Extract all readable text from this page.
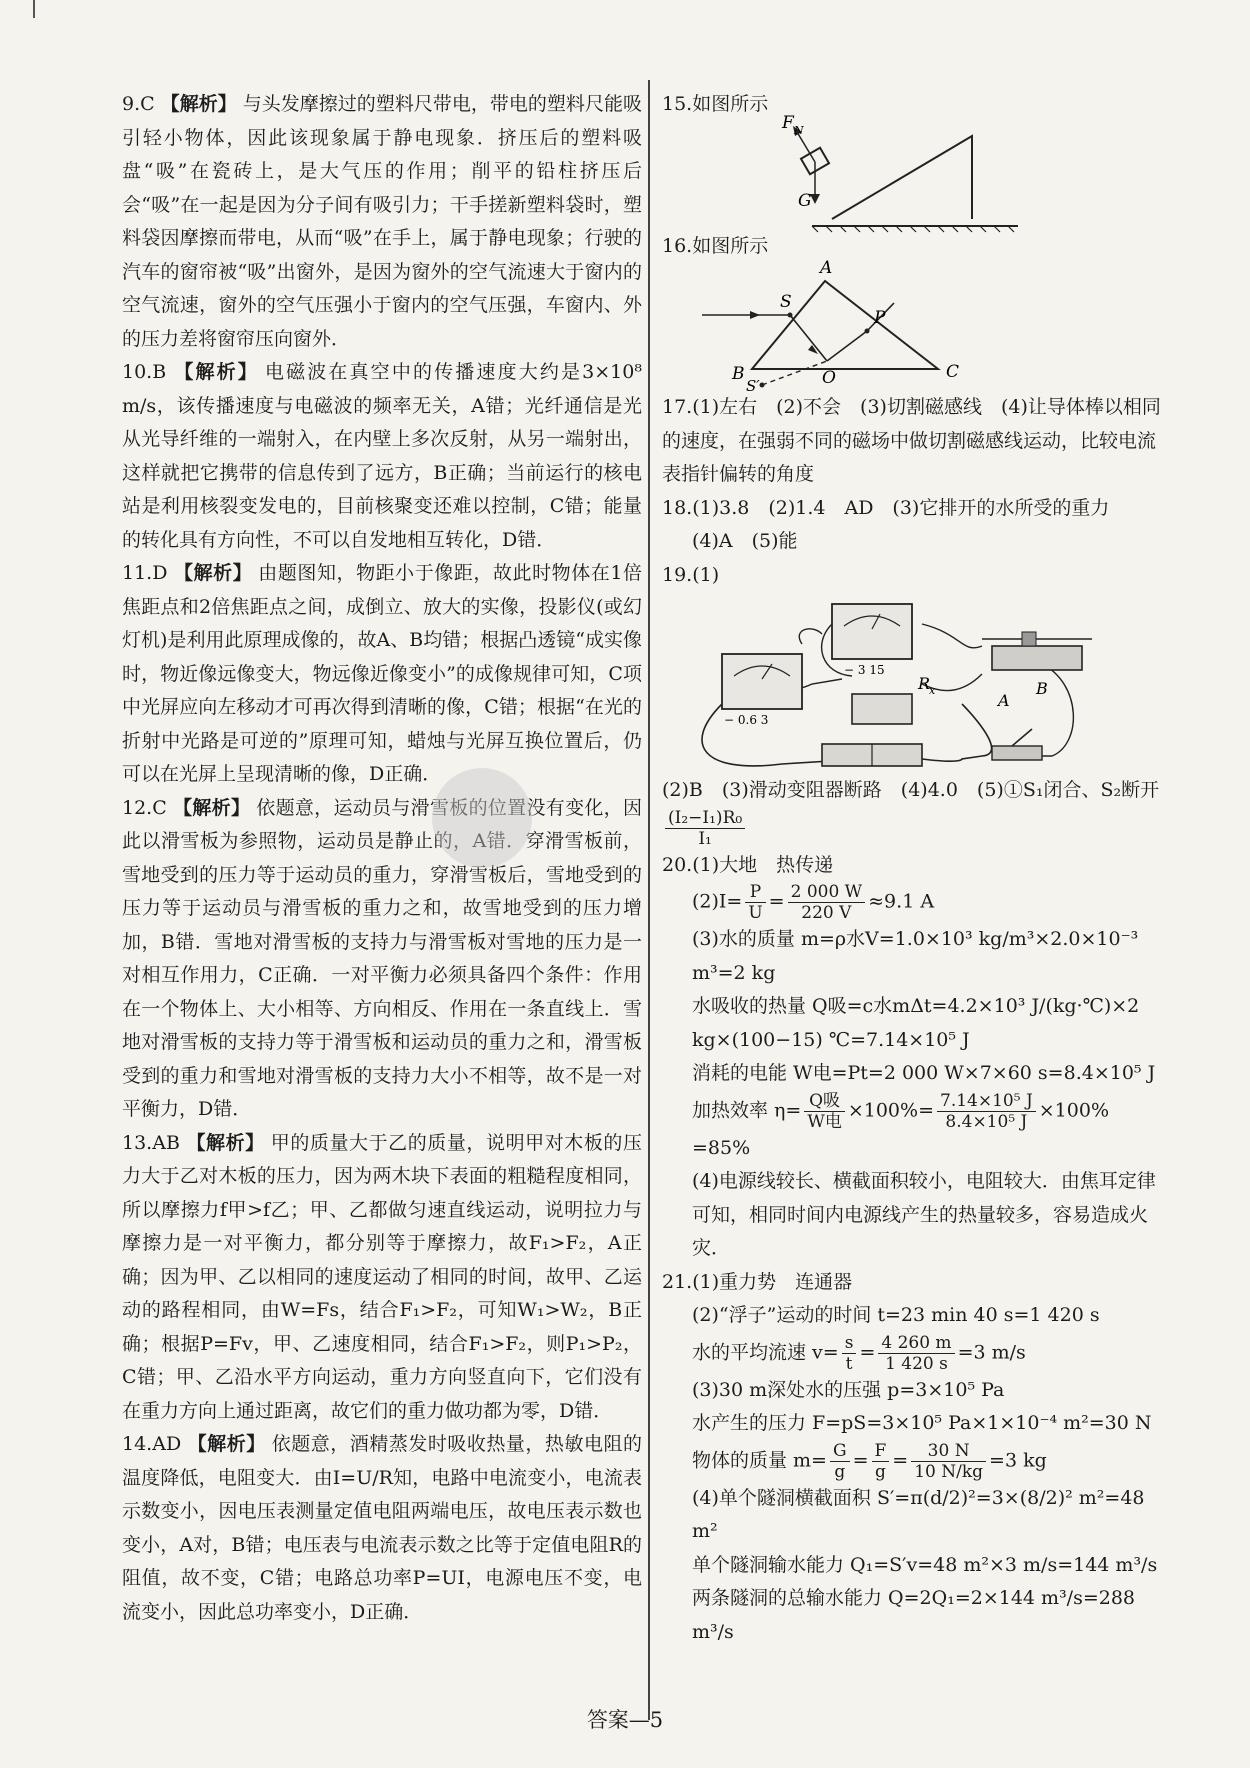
9.C 【解析】 与头发摩擦过的塑料尺带电，带电的塑料尺能吸引轻小物体，因此该现象属于静电现象．挤压后的塑料吸盘“吸”在瓷砖上，是大气压的作用；削平的铅柱挤压后会“吸”在一起是因为分子间有吸引力；干手搓新塑料袋时，塑料袋因摩擦而带电，从而“吸”在手上，属于静电现象；行驶的汽车的窗帘被“吸”出窗外，是因为窗外的空气流速大于窗内的空气流速，窗外的空气压强小于窗内的空气压强，车窗内、外的压力差将窗帘压向窗外．

10.B 【解析】 电磁波在真空中的传播速度大约是3×10⁸ m/s，该传播速度与电磁波的频率无关，A错；光纤通信是光从光导纤维的一端射入，在内壁上多次反射，从另一端射出，这样就把它携带的信息传到了远方，B正确；当前运行的核电站是利用核裂变发电的，目前核聚变还难以控制，C错；能量的转化具有方向性，不可以自发地相互转化，D错．

11.D 【解析】 由题图知，物距小于像距，故此时物体在1倍焦距点和2倍焦距点之间，成倒立、放大的实像，投影仪(或幻灯机)是利用此原理成像的，故A、B均错；根据凸透镜“成实像时，物近像远像变大，物远像近像变小”的成像规律可知，C项中光屏应向左移动才可再次得到清晰的像，C错；根据“在光的折射中光路是可逆的”原理可知，蜡烛与光屏互换位置后，仍可以在光屏上呈现清晰的像，D正确．

12.C 【解析】 依题意，运动员与滑雪板的位置没有变化，因此以滑雪板为参照物，运动员是静止的，A错．穿滑雪板前，雪地受到的压力等于运动员的重力，穿滑雪板后，雪地受到的压力等于运动员与滑雪板的重力之和，故雪地受到的压力增加，B错．雪地对滑雪板的支持力与滑雪板对雪地的压力是一对相互作用力，C正确．一对平衡力必须具备四个条件：作用在一个物体上、大小相等、方向相反、作用在一条直线上．雪地对滑雪板的支持力等于滑雪板和运动员的重力之和，滑雪板受到的重力和雪地对滑雪板的支持力大小不相等，故不是一对平衡力，D错．

13.AB 【解析】 甲的质量大于乙的质量，说明甲对木板的压力大于乙对木板的压力，因为两木块下表面的粗糙程度相同，所以摩擦力f甲>f乙；甲、乙都做匀速直线运动，说明拉力与摩擦力是一对平衡力，都分别等于摩擦力，故F₁>F₂，A正确；因为甲、乙以相同的速度运动了相同的时间，故甲、乙运动的路程相同，由W=Fs，结合F₁>F₂，可知W₁>W₂，B正确；根据P=Fv，甲、乙速度相同，结合F₁>F₂，则P₁>P₂，C错；甲、乙沿水平方向运动，重力方向竖直向下，它们没有在重力方向上通过距离，故它们的重力做功都为零，D错．

14.AD 【解析】 依题意，酒精蒸发时吸收热量，热敏电阻的温度降低，电阻变大．由I=U/R知，电路中电流变小，电流表示数变小，因电压表测量定值电阻两端电压，故电压表示数也变小，A对，B错；电压表与电流表示数之比等于定值电阻R的阻值，故不变，C错；电路总功率P=UI，电源电压不变，电流变小，因此总功率变小，D正确．

15.如图所示

F N
G

16.如图所示

A
B	C
S
P
O
S′

17.(1)左右　(2)不会　(3)切割磁感线　(4)让导体棒以相同的速度，在强弱不同的磁场中做切割磁感线运动，比较电流表指针偏转的角度

18.(1)3.8　(2)1.4　AD　(3)它排开的水所受的重力

(4)A　(5)能

19.(1)

− 0.6 3
− 3 15
R
x
A
B

(2)B　(3)滑动变阻器断路　(4)4.0　(5)①S₁闭合、S₂断开
$\frac{\text{(I₂−I₁)R₀}}{\text{I₁}}$

20.(1)大地　热传递

$(2)I= \frac{P}{U} = \frac{2 000 W}{220 V} \approx 9.1$ A

(3)水的质量 m=ρ水V=1.0×10³ kg/m³×2.0×10⁻³ m³=2 kg

水吸收的热量 Q吸=c水mΔt=4.2×10³ J/(kg·℃)×2 kg×(100−15) ℃=7.14×10⁵ J

消耗的电能 W电=Pt=2 000 W×7×60 s=8.4×10⁵ J

加热效率 $\eta= \frac{\text{Q吸}}{\text{W电}} \times 100\%= \frac{\text{7.14×10⁵ J}}{\text{8.4×10⁵ J}} \times 100\%$

=85%

(4)电源线较长、横截面积较小，电阻较大．由焦耳定律可知，相同时间内电源线产生的热量较多，容易造成火灾．

21.(1)重力势　连通器

(2)“浮子”运动的时间 t=23 min 40 s=1 420 s

水的平均流速 $v= \frac{s}{t} = \frac{4 260 m}{1 420 s} =3$ m/s

(3)30 m深处水的压强 p=3×10⁵ Pa

水产生的压力 F=pS=3×10⁵ Pa×1×10⁻⁴ m²=30 N

物体的质量 $m= \frac{G}{g} = \frac{F}{g} = \frac{30 N}{10 N/kg} =3$ kg

(4)单个隧洞横截面积 S′=π(d/2)²=3×(8/2)² m²=48 m²

单个隧洞输水能力 Q₁=S′v=48 m²×3 m/s=144 m³/s

两条隧洞的总输水能力 Q=2Q₁=2×144 m³/s=288 m³/s

答案—5
